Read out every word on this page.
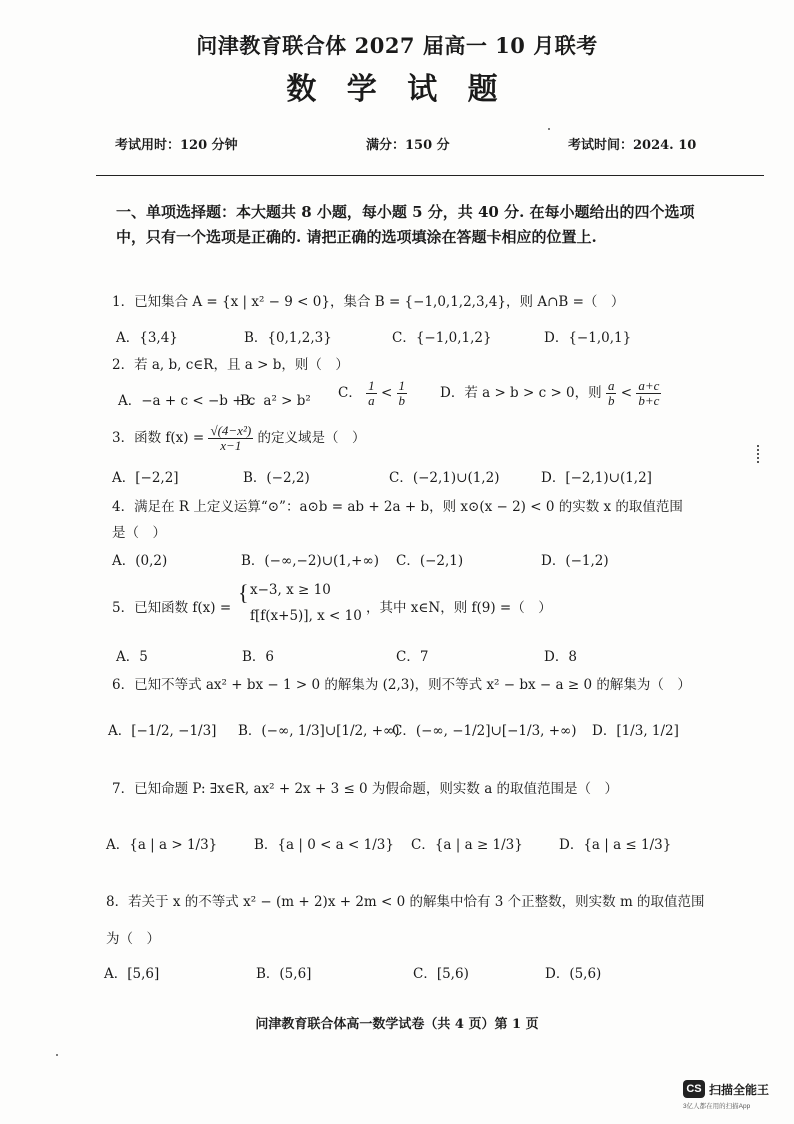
问津教育联合体 2027 届高一 10 月联考
数 学 试 题
考试用时：120 分钟	满分：150 分	考试时间：2024. 10
一、单项选择题：本大题共 8 小题，每小题 5 分，共 40 分. 在每小题给出的四个选项中，只有一个选项是正确的. 请把正确的选项填涂在答题卡相应的位置上.
1．已知集合 A = {x | x² − 9 < 0}，集合 B = {−1,0,1,2,3,4}，则 A∩B =（　）
A．{3,4}	B．{0,1,2,3}	C．{−1,0,1,2}	D．{−1,0,1}
2．若 a, b, c∈R，且 a > b，则（　）
A．−a + c < −b + c
B．a² > b² C． $\frac{1}{a} < \frac{1}{b}$ D．若 a > b > c > 0，则 $\frac{a}{b} < \frac{a+c}{b+c}$
3．函数 $f(x) = \frac{\text{√(4−x²)}}{x-1}$ 的定义域是（　）
A．[−2,2]	B．(−2,2)	C．(−2,1)∪(1,2)	D．[−2,1)∪(1,2]
4．满足在 R 上定义运算“⊙”：a⊙b = ab + 2a + b，则 x⊙(x − 2) < 0 的实数 x 的取值范围
是（　）
A．(0,2)	B．(−∞,−2)∪(1,+∞) C．(−2,1)	D．(−1,2)
5．已知函数 f(x) =
{ x−3, x ≥ 10
f[f(x+5)], x < 10 ，其中 x∈N，则 f(9) =（　）
A．5	B．6	C．7	D．8
6．已知不等式 ax² + bx − 1 > 0 的解集为 (2,3)，则不等式 x² − bx − a ≥ 0 的解集为（　）
A．[−1/2, −1/3] B．(−∞, 1/3]∪[1/2, +∞)
C．(−∞, −1/2]∪[−1/3, +∞) D．[1/3, 1/2]
7．已知命题 P: ∃x∈R, ax² + 2x + 3 ≤ 0 为假命题，则实数 a 的取值范围是（　）
A．{a | a > 1/3}	B．{a | 0 < a < 1/3} C．{a | a ≥ 1/3}	D．{a | a ≤ 1/3}
8．若关于 x 的不等式 x² − (m + 2)x + 2m < 0 的解集中恰有 3 个正整数，则实数 m 的取值范围
为（　）
A．[5,6]	B．(5,6]	C．[5,6)	D．(5,6)
问津教育联合体高一数学试卷（共 4 页）第 1 页
CS 扫描全能王
3亿人都在用的扫描App
